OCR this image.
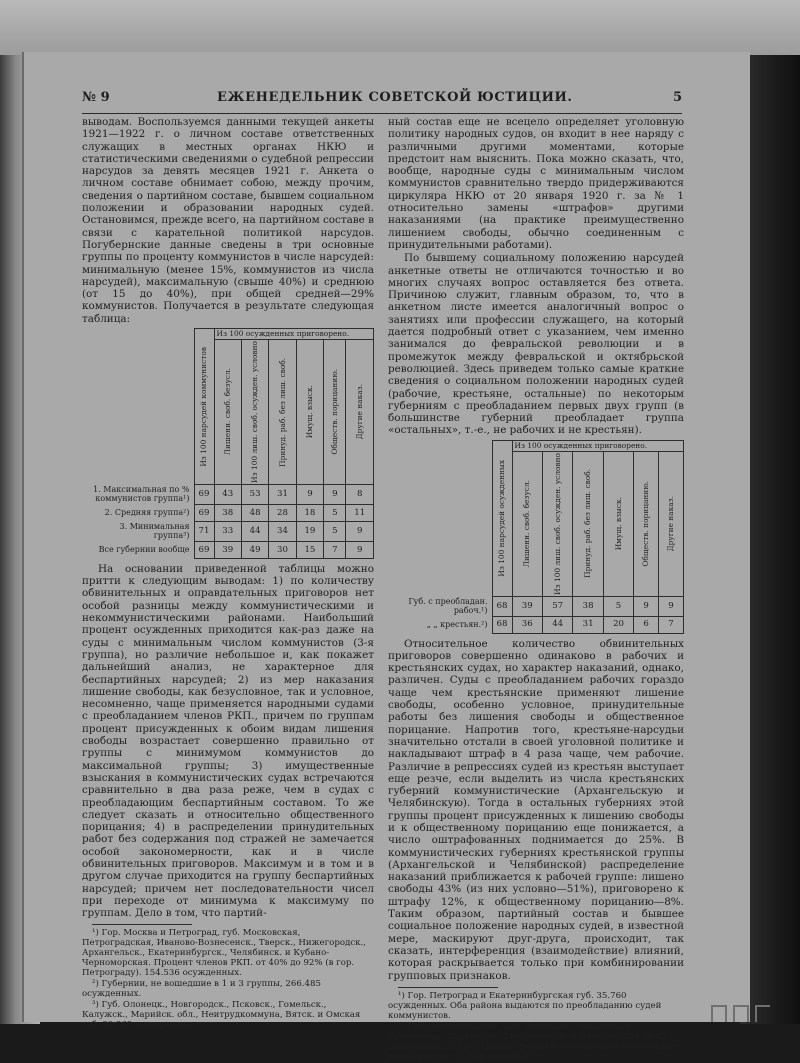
№ 9	ЕЖЕНЕДЕЛЬНИК СОВЕТСКОЙ ЮСТИЦИИ.	5

выводам. Воспользуемся данными текущей анкеты 1921—1922 г. о личном составе ответственных служащих в местных органах НКЮ и статистическими сведениями о судебной репрессии нарсудов за девять месяцев 1921 г. Анкета о личном составе обнимает собою, между прочим, сведения о партийном составе, бывшем социальном положении и образовании народных судей. Остановимся, прежде всего, на партийном составе в связи с карательной политикой нарсудов. Погубернские данные сведены в три основные группы по проценту коммунистов в числе нарсудей: минимальную (менее 15%, коммунистов из числа нарсудей), максимальную (свыше 40%) и среднюю (от 15 до 40%), при общей средней—29% коммунистов. Получается в результате следующая таблица:

	Из 100 нарсудей коммунистов	Из 100 осужденных приговорено.					

		Лишени. своб. безусл.	Из 100 лиш. своб. осужден. условно	Принуд. раб. без лиш. своб.	Имущ. взыск.	Обществ. порицанию.	Другие наказ.

1. Максимальная по % коммунистов группа¹)	69	43	53	31	9	9	8
2. Средняя группа²)	69	38	48	28	18	5	11
3. Минимальная группа³)	71	33	44	34	19	5	9
Все губернии вообще	69	39	49	30	15	7	9

На основании приведенной таблицы можно притти к следующим выводам: 1) по количеству обвинительных и оправдательных приговоров нет особой разницы между коммунистическими и некоммунистическими районами. Наибольший процент осужденных приходится как-раз даже на суды с минимальным числом коммунистов (3-я группа), но различие небольшое и, как покажет дальнейший анализ, не характерное для беспартийных нарсудей; 2) из мер наказания лишение свободы, как безусловное, так и условное, несомненно, чаще применяется народными судами с преобладанием членов РКП., причем по группам процент присужденных к обоим видам лишения свободы возрастает совершенно правильно от группы с минимумом коммунистов до максимальной группы; 3) имущественные взыскания в коммунистических судах встречаются сравнительно в два раза реже, чем в судах с преобладающим беспартийным составом. То же следует сказать и относительно общественного порицания; 4) в распределении принудительных работ без содержания под стражей не замечается особой закономерности, как и в числе обвинительных приговоров. Максимум и в том и в другом случае приходится на группу беспартийных нарсудей; причем нет последовательности чисел при переходе от минимума к максимуму по группам. Дело в том, что партий-

¹) Гор. Москва и Петроград, губ. Московская, Петроградская, Иваново-Вознесенск., Тверск., Нижегородск., Архангельск., Екатеринбургск., Челябинск. и Кубано-Черноморская. Процент членов РКП. от 40% до 92% (в гор. Петрограду). 154.536 осужденных.

²) Губернии, не вошедшие в 1 и 3 группы, 266.485 осужденных.

³) Губ. Олонецк., Новгородск., Псковск., Гомельск., Калужск., Марийск. обл., Неитрудкоммуна, Вятск. и Омская губ. 90.869 осужденных.

ный состав еще не всецело определяет уголовную политику народных судов, он входит в нее наряду с различными другими моментами, которые предстоит нам выяснить. Пока можно сказать, что, вообще, народные суды с минимальным числом коммунистов сравнительно твердо придерживаются циркуляра НКЮ от 20 января 1920 г. за № 1 относительно замены «штрафов» другими наказаниями (на практике преимущественно лишением свободы, обычно соединенным с принудительными работами).

По бывшему социальному положению нарсудей анкетные ответы не отличаются точностью и во многих случаях вопрос оставляется без ответа. Причиною служит, главным образом, то, что в анкетном листе имеется аналогичный вопрос о занятиях или профессии служащего, на который дается подробный ответ с указанием, чем именно занимался до февральской революции и в промежуток между февральской и октябрьской революцией. Здесь приведем только самые краткие сведения о социальном положении народных судей (рабочие, крестьяне, остальные) по некоторым губерниям с преобладанием первых двух групп (в большинстве губерний преобладает группа «остальных», т.-е., не рабочих и не крестьян).

	Из 100 нарсудей осужденных	Из 100 осужденных приговорено.					

		Лишени. своб. безусл.	Из 100 лиш. своб. осужден. условно	Принуд. раб. без лиш. своб.	Имущ. взыск.	Обществ. порицанию.	Другие наказ.

Губ. с преобладан. рабоч.¹)	68	39	57	38	5	9	9
„ „ крестьян.²)	68	36	44	31	20	6	7

Относительное количество обвинительных приговоров совершенно одинаково в рабочих и крестьянских судах, но характер наказаний, однако, различен. Суды с преобладанием рабочих гораздо чаще чем крестьянские применяют лишение свободы, особенно условное, принудительные работы без лишения свободы и общественное порицание. Напротив того, крестьяне-нарсудьи значительно отстали в своей уголовной политике и накладывают штраф в 4 раза чаще, чем рабочие. Различие в репрессиях судей из крестьян выступает еще резче, если выделить из числа крестьянских губерний коммунистические (Архангельскую и Челябинскую). Тогда в остальных губерниях этой группы процент присужденных к лишению свободы и к общественному порицанию еще понижается, а число оштрафованных поднимается до 25%. В коммунистических губерниях крестьянской группы (Архангельской и Челябинской) распределение наказаний приближается к рабочей группе: лишено свободы 43% (из них условно—51%), приговорено к штрафу 12%, к общественному порицанию—8%. Таким образом, партийный состав и бывшее социальное положение народных судей, в известной мере, маскируют друг-друга, происходит, так сказать, интерференция (взаимодействие) влияний, которая раскрывается только при комбинировании групповых признаков.

¹) Гор. Петроград и Екатеринбургская губ. 35.760 осужденных. Оба района выдаются по преобладанию судей коммунистов.

²) Губ. Архангельская, Сев.-Двинская, Симбирская, Тамбовская, Саратовск., Ставропольск. и Челябинская 56.825 осужденных. В губ. Архангельской и Челябинской преобладает коммунистич. состав нарсудей.
